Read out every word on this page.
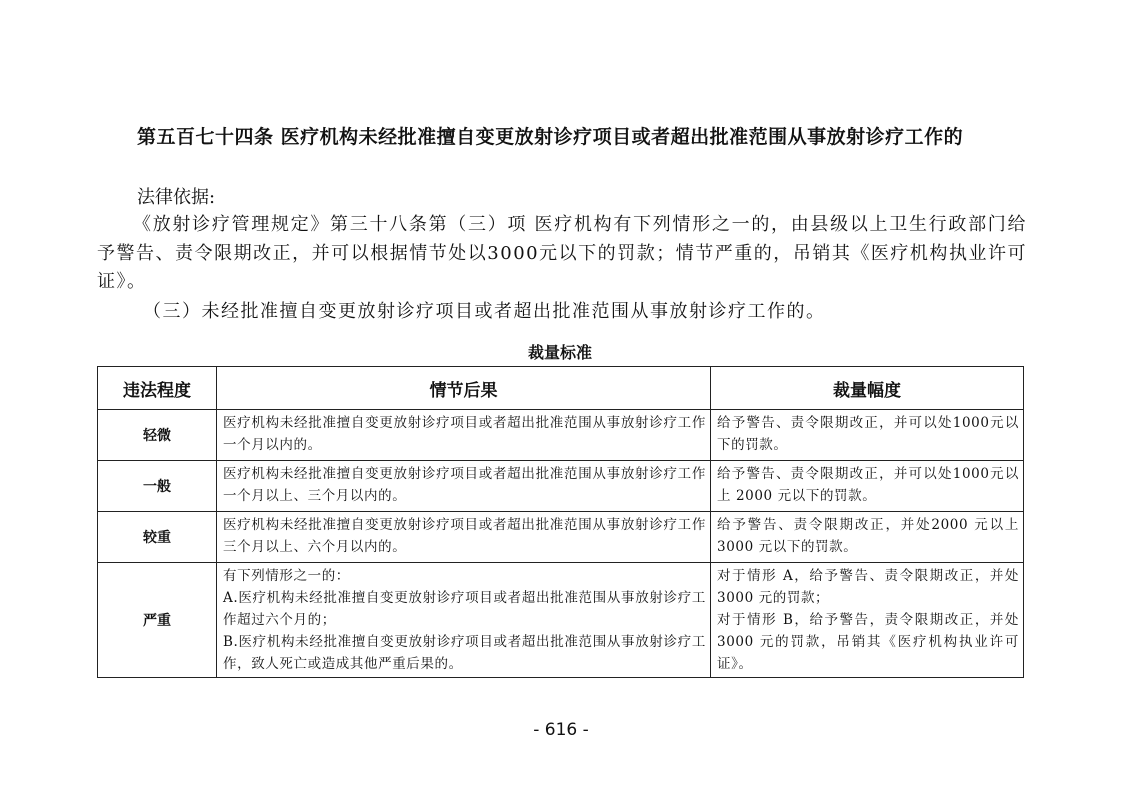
第五百七十四条 医疗机构未经批准擅自变更放射诊疗项目或者超出批准范围从事放射诊疗工作的

法律依据:

《放射诊疗管理规定》第三十八条第（三）项 医疗机构有下列情形之一的，由县级以上卫生行政部门给予警告、责令限期改正，并可以根据情节处以3000元以下的罚款；情节严重的，吊销其《医疗机构执业许可证》。

（三）未经批准擅自变更放射诊疗项目或者超出批准范围从事放射诊疗工作的。

裁量标准
违法程度	情节后果	裁量幅度
轻微	医疗机构未经批准擅自变更放射诊疗项目或者超出批准范围从事放射诊疗工作一个月以内的。	给予警告、责令限期改正，并可以处1000元以下的罚款。
一般	医疗机构未经批准擅自变更放射诊疗项目或者超出批准范围从事放射诊疗工作一个月以上、三个月以内的。	给予警告、责令限期改正，并可以处1000元以上 2000 元以下的罚款。
较重	医疗机构未经批准擅自变更放射诊疗项目或者超出批准范围从事放射诊疗工作三个月以上、六个月以内的。	给予警告、责令限期改正，并处2000 元以上 3000 元以下的罚款。
严重	有下列情形之一的：
A.医疗机构未经批准擅自变更放射诊疗项目或者超出批准范围从事放射诊疗工作超过六个月的；
B.医疗机构未经批准擅自变更放射诊疗项目或者超出批准范围从事放射诊疗工作，致人死亡或造成其他严重后果的。	对于情形 A，给予警告、责令限期改正，并处3000 元的罚款；
对于情形 B，给予警告，责令限期改正，并处3000 元的罚款，吊销其《医疗机构执业许可证》。
- 616 -
